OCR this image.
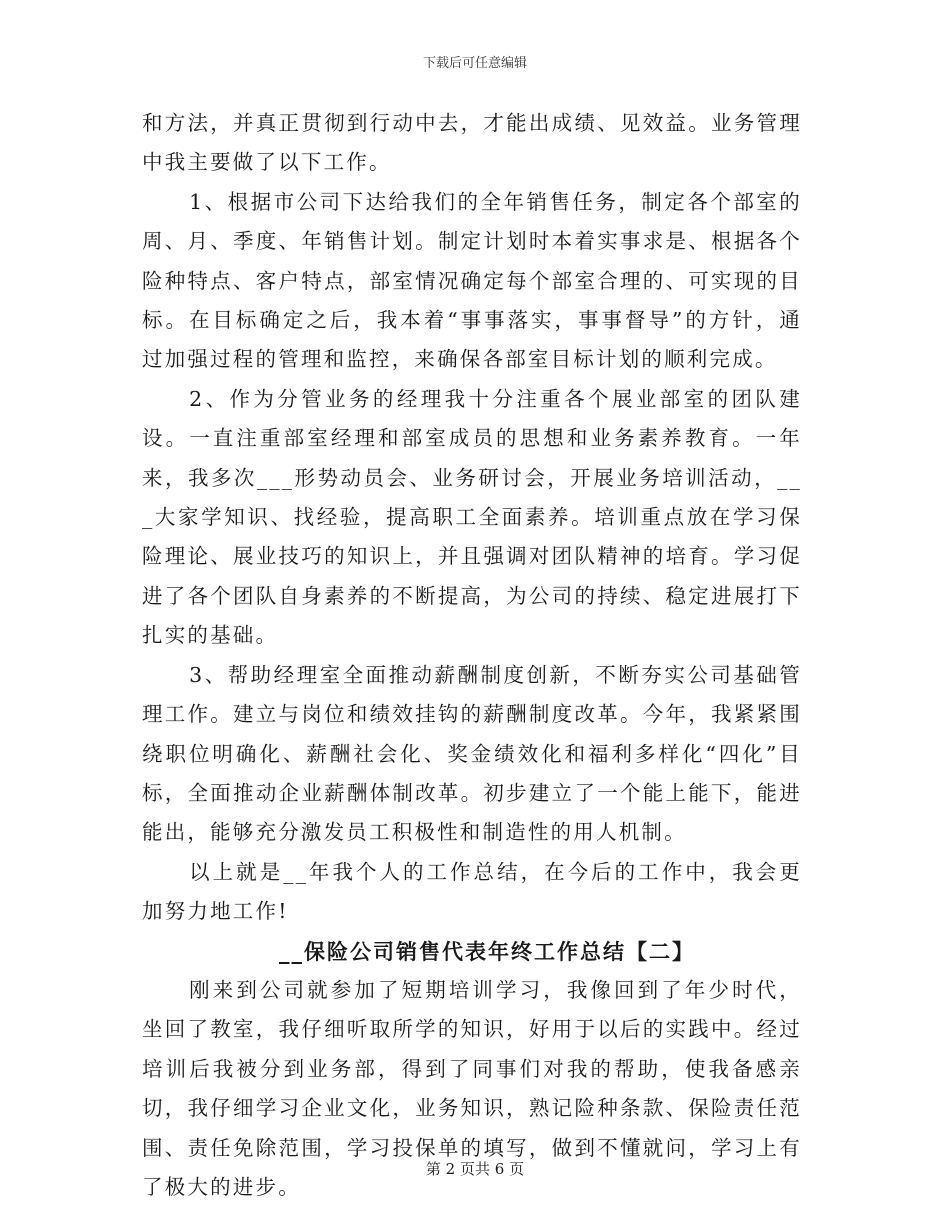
下载后可任意编辑

和方法，并真正贯彻到行动中去，才能出成绩、见效益。业务管理中我主要做了以下工作。

1、根据市公司下达给我们的全年销售任务，制定各个部室的周、月、季度、年销售计划。制定计划时本着实事求是、根据各个险种特点、客户特点，部室情况确定每个部室合理的、可实现的目标。在目标确定之后，我本着“事事落实，事事督导”的方针，通过加强过程的管理和监控，来确保各部室目标计划的顺利完成。

2、作为分管业务的经理我十分注重各个展业部室的团队建设。一直注重部室经理和部室成员的思想和业务素养教育。一年来，我多次___形势动员会、业务研讨会，开展业务培训活动，___大家学知识、找经验，提高职工全面素养。培训重点放在学习保险理论、展业技巧的知识上，并且强调对团队精神的培育。学习促进了各个团队自身素养的不断提高，为公司的持续、稳定进展打下扎实的基础。

3、帮助经理室全面推动薪酬制度创新，不断夯实公司基础管理工作。建立与岗位和绩效挂钩的薪酬制度改革。今年，我紧紧围绕职位明确化、薪酬社会化、奖金绩效化和福利多样化“四化”目标，全面推动企业薪酬体制改革。初步建立了一个能上能下，能进能出，能够充分激发员工积极性和制造性的用人机制。

以上就是__年我个人的工作总结，在今后的工作中，我会更加努力地工作!

__保险公司销售代表年终工作总结【二】

刚来到公司就参加了短期培训学习，我像回到了年少时代，坐回了教室，我仔细听取所学的知识，好用于以后的实践中。经过培训后我被分到业务部，得到了同事们对我的帮助，使我备感亲切，我仔细学习企业文化，业务知识，熟记险种条款、保险责任范围、责任免除范围，学习投保单的填写，做到不懂就问，学习上有了极大的进步。

第 2 页共 6 页
